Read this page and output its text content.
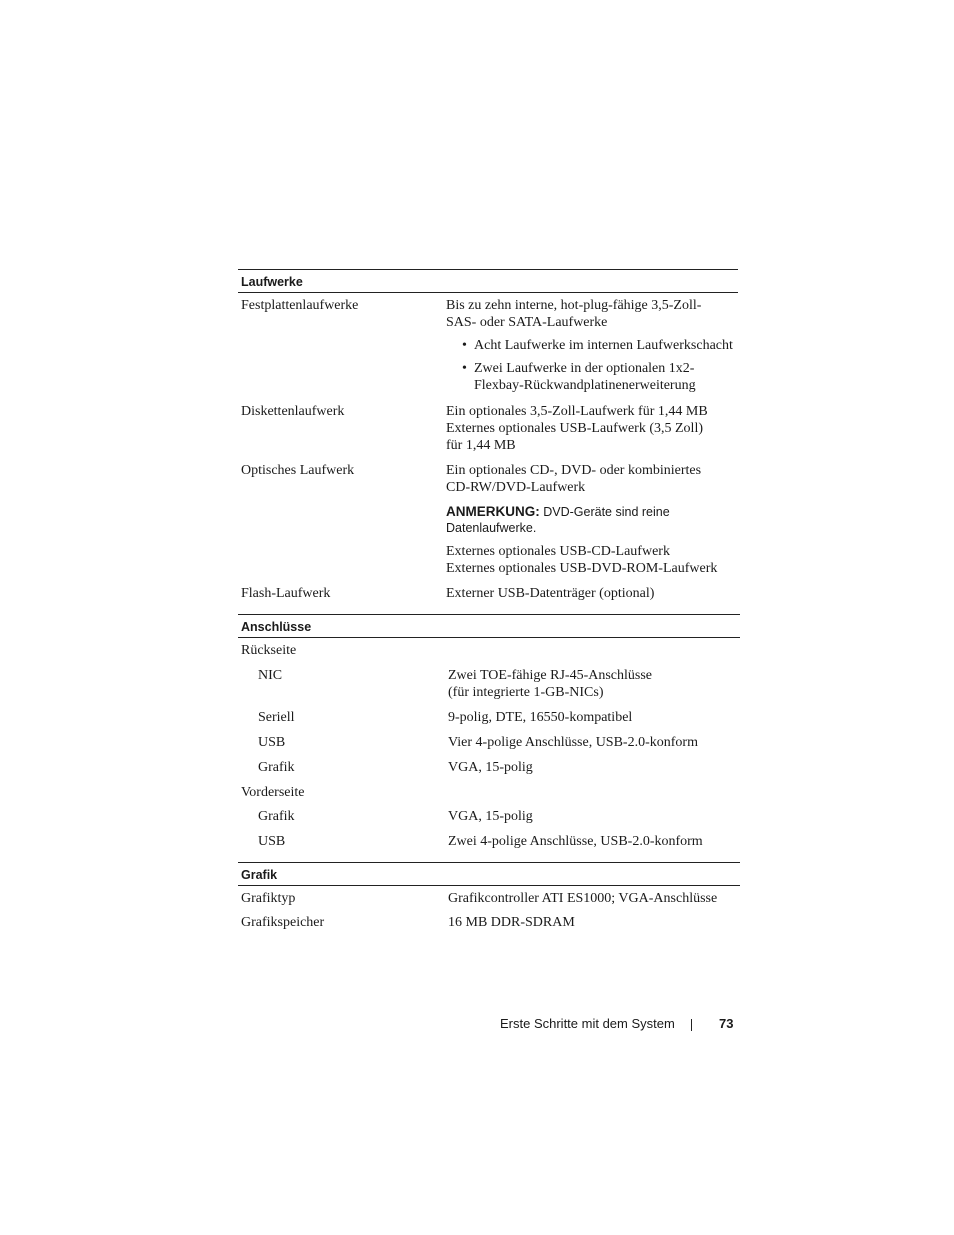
Laufwerke
Festplattenlaufwerke	Bis zu zehn interne, hot-plug-fähige 3,5-Zoll-
SAS- oder SATA-Laufwerke
• Acht Laufwerke im internen Laufwerkschacht
• Zwei Laufwerke in der optionalen 1x2-
Flexbay-Rückwandplatinenerweiterung
Diskettenlaufwerk	Ein optionales 3,5-Zoll-Laufwerk für 1,44 MB
Externes optionales USB-Laufwerk (3,5 Zoll)
für 1,44 MB
Optisches Laufwerk	Ein optionales CD-, DVD- oder kombiniertes
CD-RW/DVD-Laufwerk
ANMERKUNG: DVD-Geräte sind reine
Datenlaufwerke.
Externes optionales USB-CD-Laufwerk
Externes optionales USB-DVD-ROM-Laufwerk
Flash-Laufwerk	Externer USB-Datenträger (optional)
Anschlüsse
Rückseite
NIC	Zwei TOE-fähige RJ-45-Anschlüsse
(für integrierte 1-GB-NICs)
Seriell	9-polig, DTE, 16550-kompatibel
USB	Vier 4-polige Anschlüsse, USB-2.0-konform
Grafik	VGA, 15-polig
Vorderseite
Grafik	VGA, 15-polig
USB	Zwei 4-polige Anschlüsse, USB-2.0-konform
Grafik
Grafiktyp	Grafikcontroller ATI ES1000; VGA-Anschlüsse
Grafikspeicher	16 MB DDR-SDRAM
Erste Schritte mit dem System	73
